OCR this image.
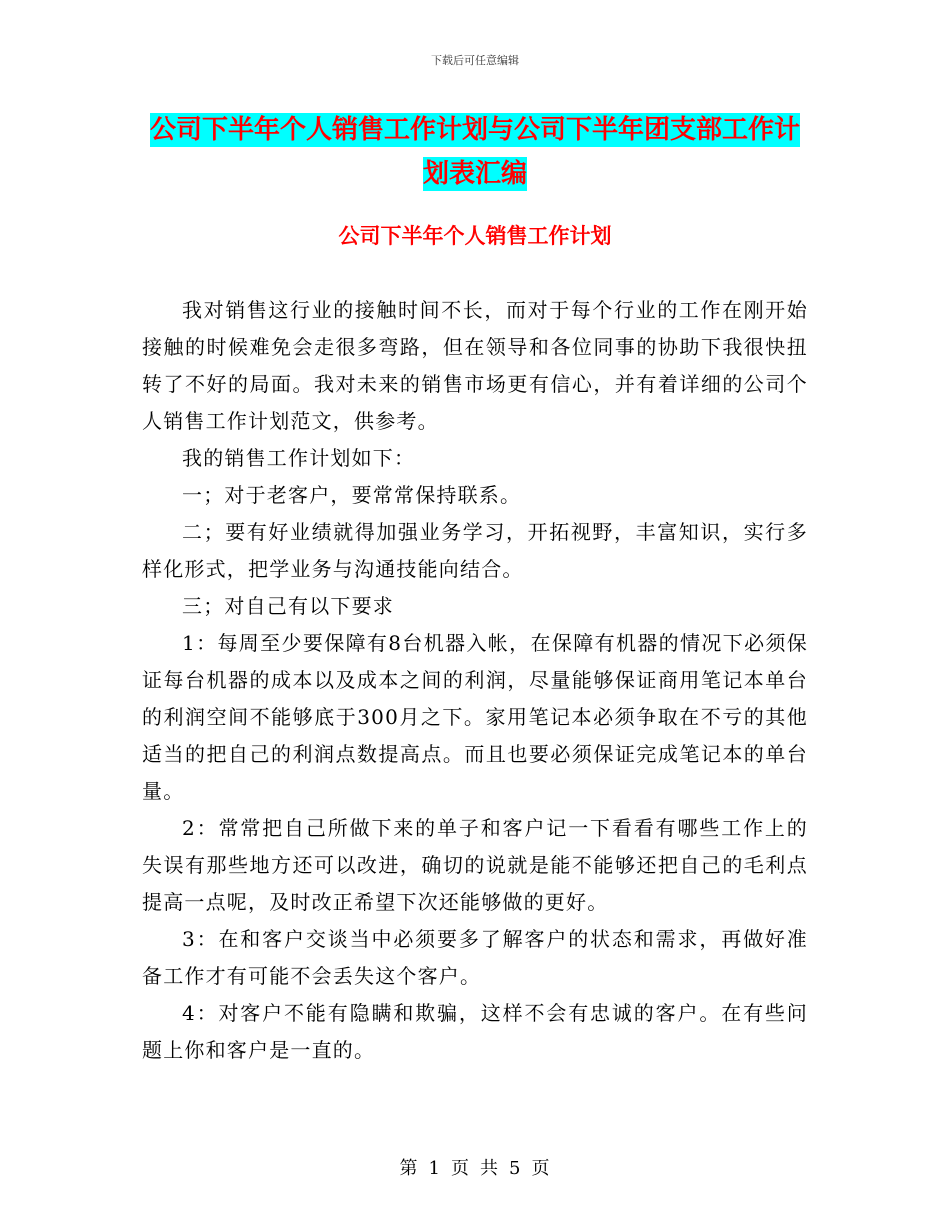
下载后可任意编辑
公司下半年个人销售工作计划与公司下半年团支部工作计划表汇编
公司下半年个人销售工作计划

我对销售这行业的接触时间不长，而对于每个行业的工作在刚开始接触的时候难免会走很多弯路，但在领导和各位同事的协助下我很快扭转了不好的局面。我对未来的销售市场更有信心，并有着详细的公司个人销售工作计划范文，供参考。

我的销售工作计划如下：

一；对于老客户，要常常保持联系。

二；要有好业绩就得加强业务学习，开拓视野，丰富知识，实行多样化形式，把学业务与沟通技能向结合。

三；对自己有以下要求

1：每周至少要保障有8台机器入帐，在保障有机器的情况下必须保证每台机器的成本以及成本之间的利润，尽量能够保证商用笔记本单台的利润空间不能够底于300月之下。家用笔记本必须争取在不亏的其他适当的把自己的利润点数提高点。而且也要必须保证完成笔记本的单台量。

2：常常把自己所做下来的单子和客户记一下看看有哪些工作上的失误有那些地方还可以改进，确切的说就是能不能够还把自己的毛利点提高一点呢，及时改正希望下次还能够做的更好。

3：在和客户交谈当中必须要多了解客户的状态和需求，再做好准备工作才有可能不会丢失这个客户。

4：对客户不能有隐瞒和欺骗，这样不会有忠诚的客户。在有些问题上你和客户是一直的。

第 1 页 共 5 页
